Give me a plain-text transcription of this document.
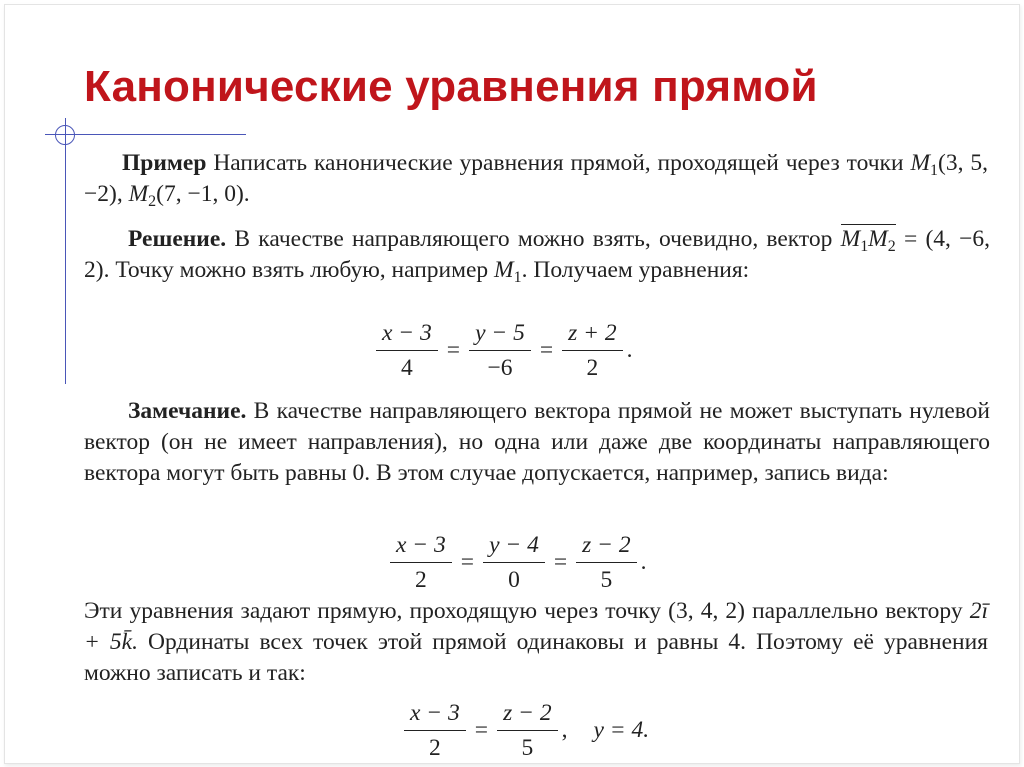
Канонические уравнения прямой
Пример Написать канонические уравнения прямой, проходящей через точки $M_1(3$, 5, −2), $M_2(7$, −1, 0).
Решение. В качестве направляющего можно взять, очевидно, вектор $M_1M_2 = (4$, −6, 2). Точку можно взять любую, например $M_1$. Получаем уравнения:
$\frac{x - 3}{4} = \frac{y - 5}{-6} = \frac{z + 2}{2}$ .
Замечание. В качестве направляющего вектора прямой не может выступать нулевой вектор (он не имеет направления), но одна или даже две координаты направляющего вектора могут быть равны 0. В этом случае допускается, например, запись вида:
$\frac{x - 3}{2} = \frac{y - 4}{0} = \frac{z - 2}{5}$ .
Эти уравнения задают прямую, проходящую через точку (3, 4, 2) параллельно вектору 2ī + 5k̄. Ординаты всех точек этой прямой одинаковы и равны 4. Поэтому её уравнения можно записать и так:
$\frac{x - 3}{2} = \frac{z - 2}{5}$ , y = 4.
